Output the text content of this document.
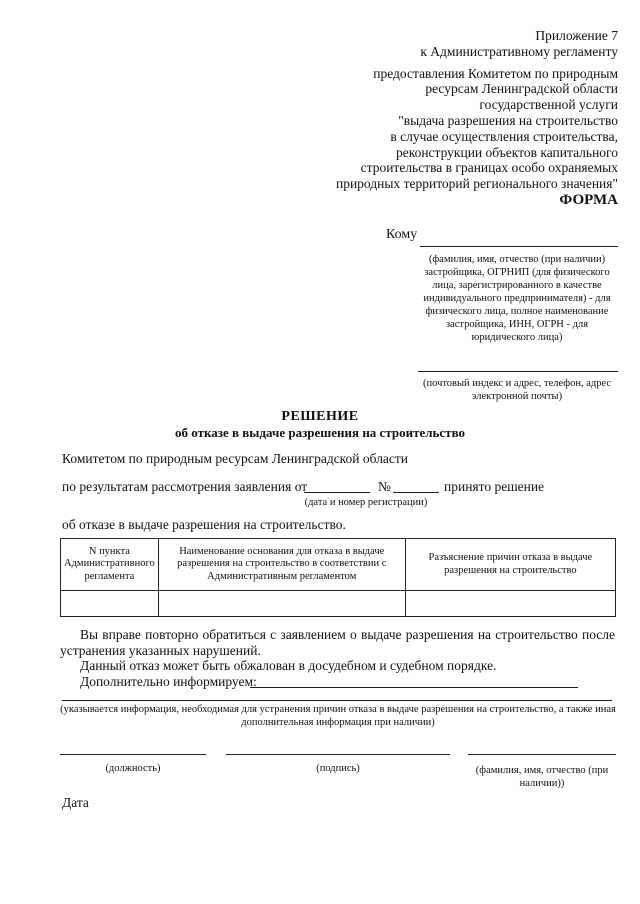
Приложение 7
к Административному регламенту
предоставления Комитетом по природным
ресурсам Ленинградской области
государственной услуги
"выдача разрешения на строительство
в случае осуществления строительства,
реконструкции объектов капитального
строительства в границах особо охраняемых
природных территорий регионального значения"
ФОРМА
Кому
(фамилия, имя, отчество (при наличии)
застройщика, ОГРНИП (для физического
лица, зарегистрированного в качестве
индивидуального предпринимателя) - для
физического лица, полное наименование
застройщика, ИНН, ОГРН - для
юридического лица)
(почтовый индекс и адрес, телефон, адрес
электронной почты)
РЕШЕНИЕ
об отказе в выдаче разрешения на строительство
Комитетом по природным ресурсам Ленинградской области
по результатам рассмотрения заявления от	№	принято решение
(дата и номер регистрации)
об отказе в выдаче разрешения на строительство.
N пункта Административного регламента	Наименование основания для отказа в выдаче разрешения на строительство в соответствии с Административным регламентом	Разъяснение причин отказа в выдаче разрешения на строительство

Вы вправе повторно обратиться с заявлением о выдаче разрешения на строительство после устранения указанных нарушений.
Данный отказ может быть обжалован в досудебном и судебном порядке.
Дополнительно информируем:
(указывается информация, необходимая для устранения причин отказа в выдаче разрешения на строительство, а также иная дополнительная информация при наличии)
(должность)	(подпись)	(фамилия, имя, отчество (при наличии))
Дата
